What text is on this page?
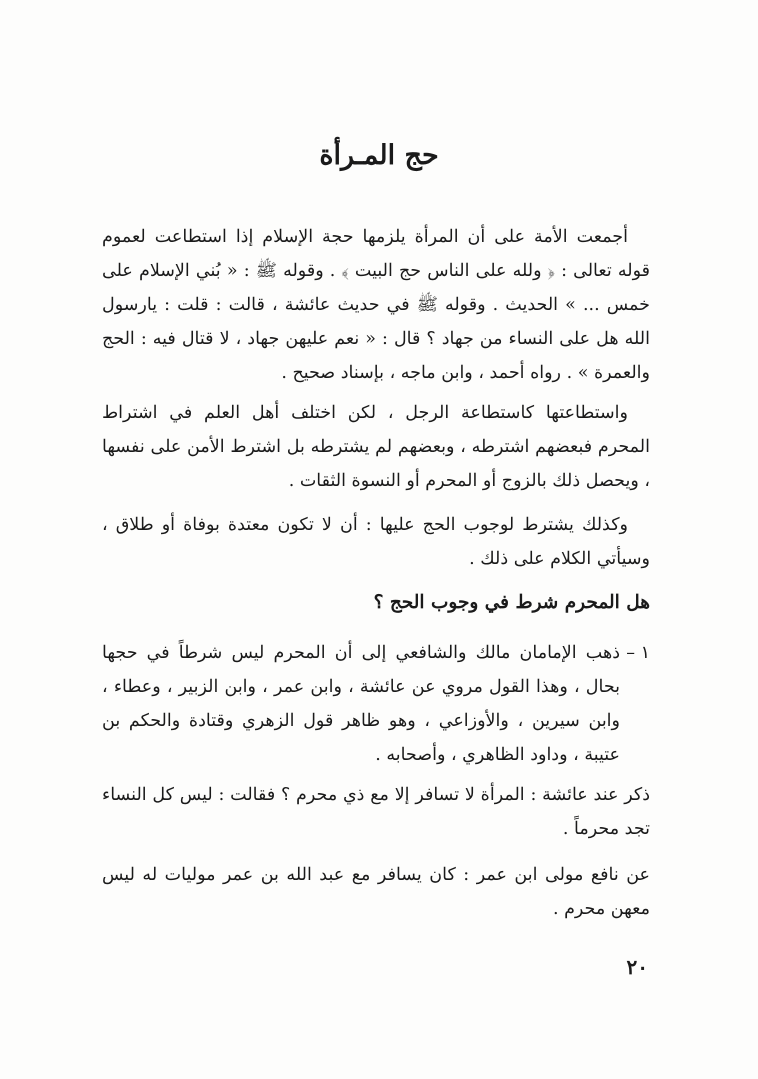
حج المـرأة

أجمعت الأمة على أن المرأة يلزمها حجة الإسلام إذا استطاعت لعموم قوله تعالى : ﴿ ولله على الناس حج البيت ﴾ . وقوله ﷺ : « بُني الإسلام على خمس ... » الحديث . وقوله ﷺ في حديث عائشة ، قالت : قلت : يارسول الله هل على النساء من جهاد ؟ قال : « نعم عليهن جهاد ، لا قتال فيه : الحج والعمرة » . رواه أحمد ، وابن ماجه ، بإسناد صحيح .

واستطاعتها كاستطاعة الرجل ، لكن اختلف أهل العلم في اشتراط المحرم فبعضهم اشترطه ، وبعضهم لم يشترطه بل اشترط الأمن على نفسها ، ويحصل ذلك بالزوج أو المحرم أو النسوة الثقات .

وكذلك يشترط لوجوب الحج عليها : أن لا تكون معتدة بوفاة أو طلاق ، وسيأتي الكلام على ذلك .

هل المحرم شرط في وجوب الحج ؟
١ –
ذهب الإمامان مالك والشافعي إلى أن المحرم ليس شرطاً في حجها بحال ، وهذا القول مروي عن عائشة ، وابن عمر ، وابن الزبير ، وعطاء ، وابن سيرين ، والأوزاعي ، وهو ظاهر قول الزهري وقتادة والحكم بن عتيبة ، وداود الظاهري ، وأصحابه .

ذكر عند عائشة : المرأة لا تسافر إلا مع ذي محرم ؟ فقالت : ليس كل النساء تجد محرماً .

عن نافع مولى ابن عمر : كان يسافر مع عبد الله بن عمر موليات له ليس معهن محرم .

٢٠
